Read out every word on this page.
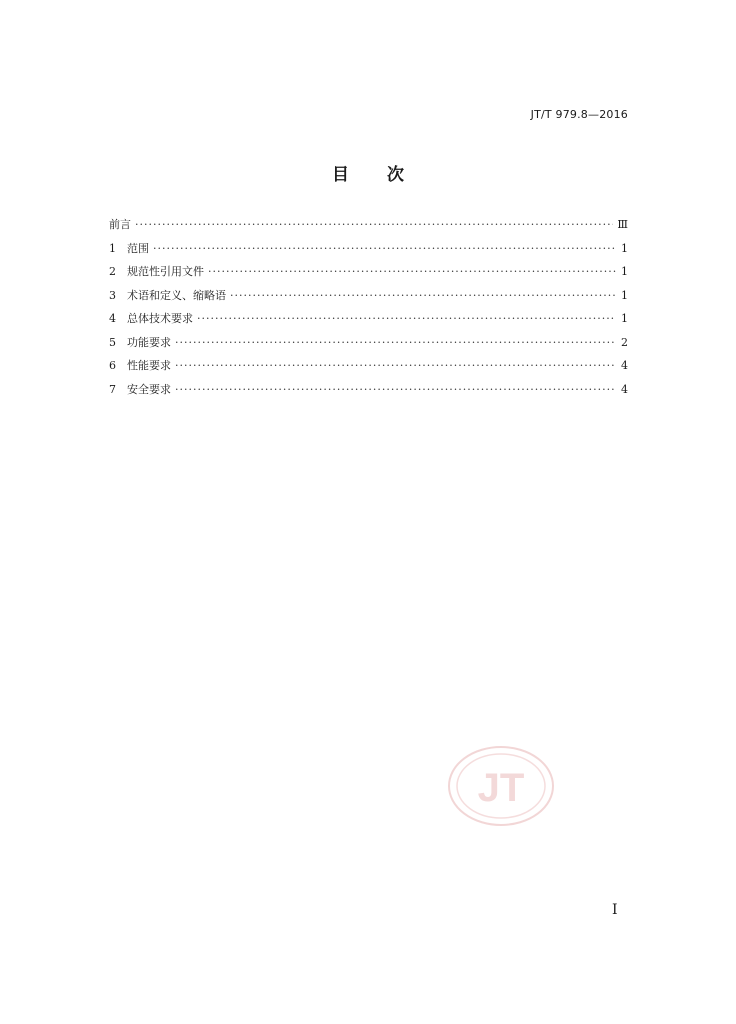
JT/T 979.8—2016
目 次
前言 ·····	Ⅲ
1	范围 ·····	1
2	规范性引用文件 ·····	1
3	术语和定义、缩略语 ·····	1
4	总体技术要求 ·····	1
5	功能要求 ·····	2
6	性能要求 ·····	4
7	安全要求 ·····	4
JT
I
